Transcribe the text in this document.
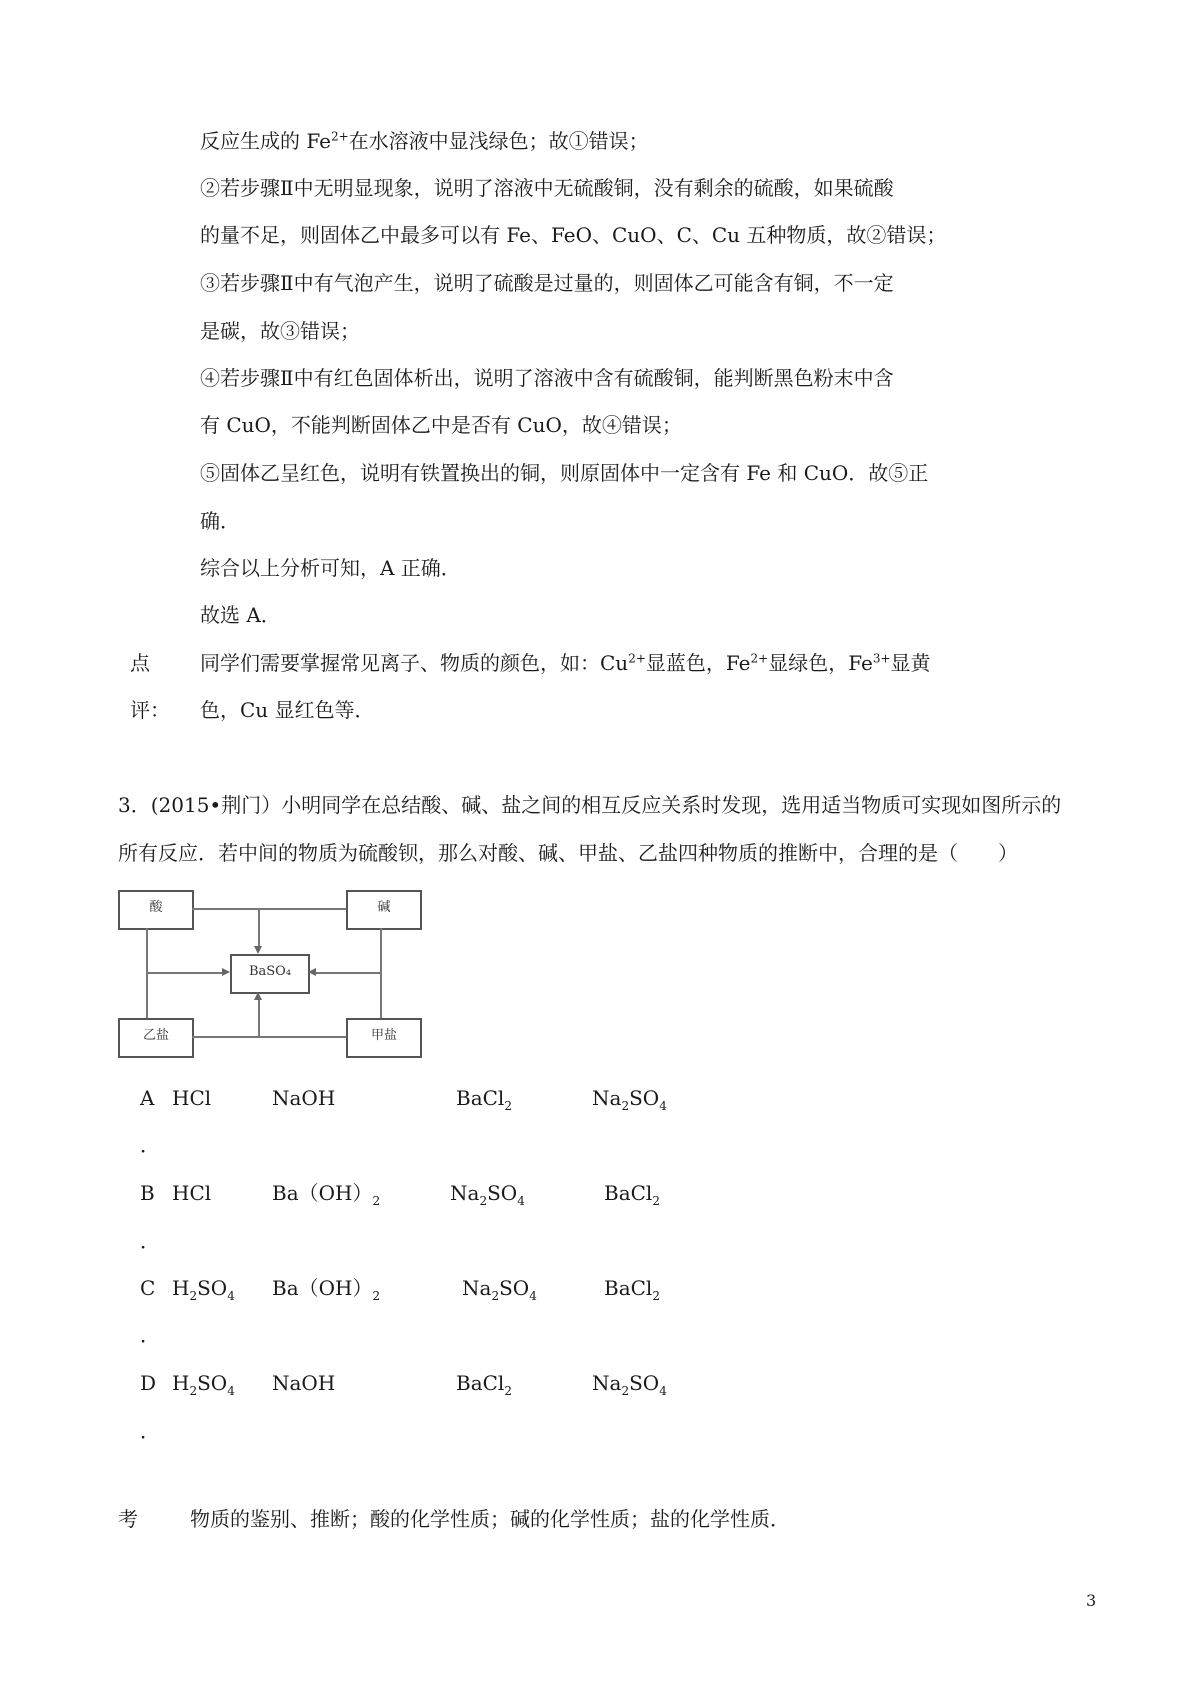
反应生成的 $Fe^{2+}$在水溶液中显浅绿色；故①错误；
②若步骤Ⅱ中无明显现象，说明了溶液中无硫酸铜，没有剩余的硫酸，如果硫酸
的量不足，则固体乙中最多可以有 Fe、FeO、CuO、C、Cu 五种物质，故②错误；
③若步骤Ⅱ中有气泡产生，说明了硫酸是过量的，则固体乙可能含有铜，不一定
是碳，故③错误；
④若步骤Ⅱ中有红色固体析出，说明了溶液中含有硫酸铜，能判断黑色粉末中含
有 CuO，不能判断固体乙中是否有 CuO，故④错误；
⑤固体乙呈红色，说明有铁置换出的铜，则原固体中一定含有 Fe 和 CuO．故⑤正
确．
综合以上分析可知，A 正确．
故选 A．
点
评：
同学们需要掌握常见离子、物质的颜色，如：$Cu^{2+}$显蓝色，$Fe^{2+}$显绿色，$Fe^{3+}$显黄
色，Cu 显红色等．
3．(2015•荆门）小明同学在总结酸、碱、盐之间的相互反应关系时发现，选用适当物质可实现如图所示的
所有反应．若中间的物质为硫酸钡，那么对酸、碱、甲盐、乙盐四种物质的推断中，合理的是（　　）
酸	碱
BaSO₄
乙盐	甲盐
A HCl	NaOH	BaCl$_2$	$Na_2SO_4$
．
B HCl	$Ba(OH)_2$	$Na_2SO_4$	BaCl$_2$
．
C $H_2SO_4$ $Ba(OH)_2$	$Na_2SO_4$	BaCl$_2$
．
D $H_2SO_4$ NaOH	BaCl$_2$	$Na_2SO_4$
．
考	物质的鉴别、推断；酸的化学性质；碱的化学性质；盐的化学性质．
3
